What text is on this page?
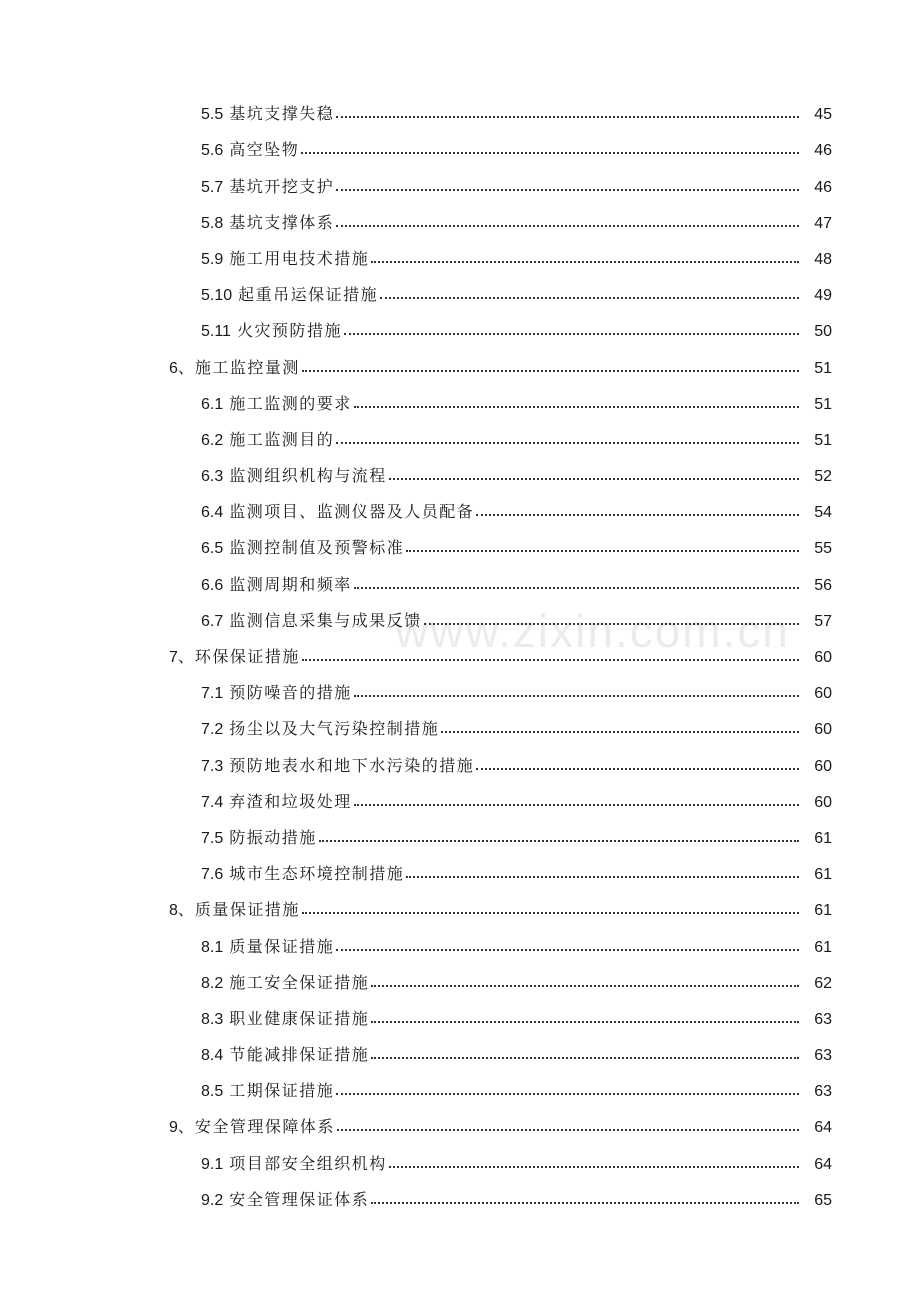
5.5 基坑支撑失稳	45
5.6 高空坠物	46
5.7 基坑开挖支护	46
5.8 基坑支撑体系	47
5.9 施工用电技术措施	48
5.10 起重吊运保证措施	49
5.11 火灾预防措施	50
6、 施工监控量测	51
6.1 施工监测的要求	51
6.2 施工监测目的	51
6.3 监测组织机构与流程	52
6.4 监测项目、监测仪器及人员配备	54
6.5 监测控制值及预警标准	55
6.6 监测周期和频率	56
6.7 监测信息采集与成果反馈	57
7、 环保保证措施	60
7.1 预防噪音的措施	60
7.2 扬尘以及大气污染控制措施	60
7.3 预防地表水和地下水污染的措施	60
7.4 弃渣和垃圾处理	60
7.5 防振动措施	61
7.6 城市生态环境控制措施	61
8、 质量保证措施	61
8.1 质量保证措施	61
8.2 施工安全保证措施	62
8.3 职业健康保证措施	63
8.4 节能减排保证措施	63
8.5 工期保证措施	63
9、 安全管理保障体系	64
9.1 项目部安全组织机构	64
9.2 安全管理保证体系	65
www.zixin.com.cn
